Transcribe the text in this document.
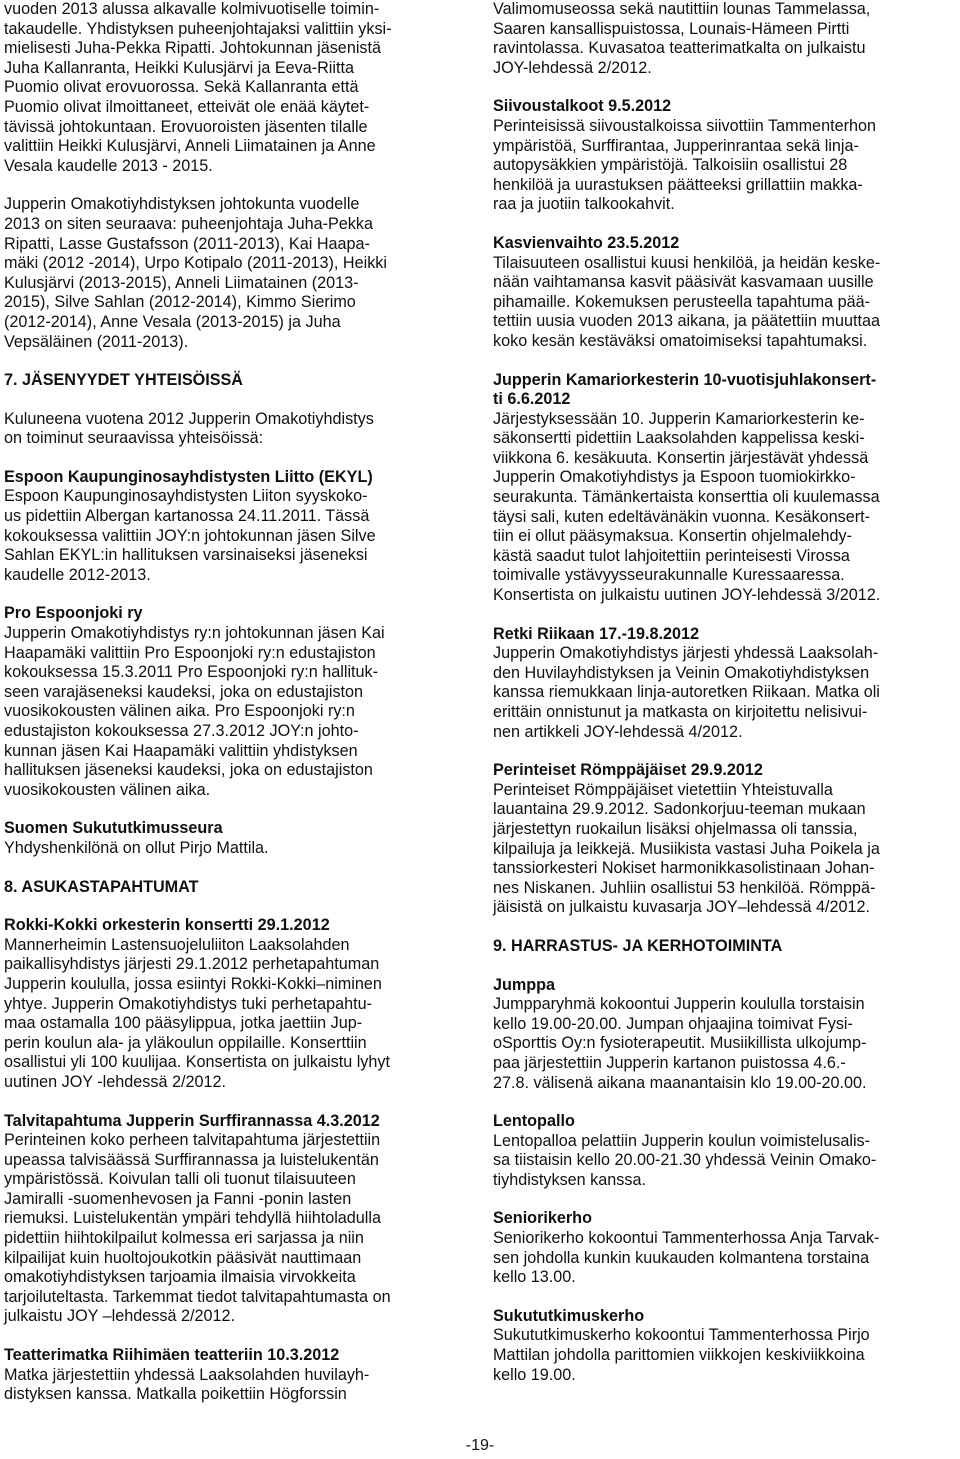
vuoden 2013 alussa alkavalle kolmivuotiselle toimin-
takaudelle. Yhdistyksen puheenjohtajaksi valittiin yksi-
mielisesti Juha-Pekka Ripatti. Johtokunnan jäsenistä
Juha Kallanranta, Heikki Kulusjärvi ja Eeva-Riitta
Puomio olivat erovuorossa. Sekä Kallanranta että
Puomio olivat ilmoittaneet, etteivät ole enää käytet-
tävissä johtokuntaan. Erovuoroisten jäsenten tilalle
valittiin Heikki Kulusjärvi, Anneli Liimatainen ja Anne
Vesala kaudelle 2013 - 2015.

Jupperin Omakotiyhdistyksen johtokunta vuodelle
2013 on siten seuraava: puheenjohtaja Juha-Pekka
Ripatti, Lasse Gustafsson (2011-2013), Kai Haapa-
mäki (2012 -2014), Urpo Kotipalo (2011-2013), Heikki
Kulusjärvi (2013-2015), Anneli Liimatainen (2013-
2015), Silve Sahlan (2012-2014), Kimmo Sierimo
(2012-2014), Anne Vesala (2013-2015) ja Juha
Vepsäläinen (2011-2013).

7. JÄSENYYDET YHTEISÖISSÄ

Kuluneena vuotena 2012 Jupperin Omakotiyhdistys
on toiminut seuraavissa yhteisöissä:

Espoon Kaupunginosayhdistysten Liitto (EKYL)

Espoon Kaupunginosayhdistysten Liiton syyskoko-
us pidettiin Albergan kartanossa 24.11.2011. Tässä
kokouksessa valittiin JOY:n johtokunnan jäsen Silve
Sahlan EKYL:in hallituksen varsinaiseksi jäseneksi
kaudelle 2012-2013.

Pro Espoonjoki ry

Jupperin Omakotiyhdistys ry:n johtokunnan jäsen Kai
Haapamäki valittiin Pro Espoonjoki ry:n edustajiston
kokouksessa 15.3.2011 Pro Espoonjoki ry:n hallituk-
seen varajäseneksi kaudeksi, joka on edustajiston
vuosikokousten välinen aika. Pro Espoonjoki ry:n
edustajiston kokouksessa 27.3.2012 JOY:n johto-
kunnan jäsen Kai Haapamäki valittiin yhdistyksen
hallituksen jäseneksi kaudeksi, joka on edustajiston
vuosikokousten välinen aika.

Suomen Sukututkimusseura

Yhdyshenkilönä on ollut Pirjo Mattila.

8. ASUKASTAPAHTUMAT

Rokki-Kokki orkesterin konsertti 29.1.2012

Mannerheimin Lastensuojeluliiton Laaksolahden
paikallisyhdistys järjesti 29.1.2012 perhetapahtuman
Jupperin koululla, jossa esiintyi Rokki-Kokki–niminen
yhtye. Jupperin Omakotiyhdistys tuki perhetapahtu-
maa ostamalla 100 pääsylippua, jotka jaettiin Jup-
perin koulun ala- ja yläkoulun oppilaille. Konserttiin
osallistui yli 100 kuulijaa. Konsertista on julkaistu lyhyt
uutinen JOY -lehdessä 2/2012.

Talvitapahtuma Jupperin Surffirannassa 4.3.2012

Perinteinen koko perheen talvitapahtuma järjestettiin
upeassa talvisäässä Surffirannassa ja luistelukentän
ympäristössä. Koivulan talli oli tuonut tilaisuuteen
Jamiralli -suomenhevosen ja Fanni -ponin lasten
riemuksi. Luistelukentän ympäri tehdyllä hiihtoladulla
pidettiin hiihtokilpailut kolmessa eri sarjassa ja niin
kilpailijat kuin huoltojoukotkin pääsivät nauttimaan
omakotiyhdistyksen tarjoamia ilmaisia virvokkeita
tarjoiluteltasta. Tarkemmat tiedot talvitapahtumasta on
julkaistu JOY –lehdessä 2/2012.

Teatterimatka Riihimäen teatteriin 10.3.2012

Matka järjestettiin yhdessä Laaksolahden huvilayh-
distyksen kanssa. Matkalla poikettiin Högforssin

Valimomuseossa sekä nautittiin lounas Tammelassa,
Saaren kansallispuistossa, Lounais-Hämeen Pirtti
ravintolassa. Kuvasatoa teatterimatkalta on julkaistu
JOY-lehdessä 2/2012.

Siivoustalkoot 9.5.2012

Perinteisissä siivoustalkoissa siivottiin Tammenterhon
ympäristöä, Surffirantaa, Jupperinrantaa sekä linja-
autopysäkkien ympäristöjä. Talkoisiin osallistui 28
henkilöä ja uurastuksen päätteeksi grillattiin makka-
raa ja juotiin talkookahvit.

Kasvienvaihto 23.5.2012

Tilaisuuteen osallistui kuusi henkilöä, ja heidän keske-
nään vaihtamansa kasvit pääsivät kasvamaan uusille
pihamaille. Kokemuksen perusteella tapahtuma pää-
tettiin uusia vuoden 2013 aikana, ja päätettiin muuttaa
koko kesän kestäväksi omatoimiseksi tapahtumaksi.

Jupperin Kamariorkesterin 10-vuotisjuhlakonsert-
ti 6.6.2012

Järjestyksessään 10. Jupperin Kamariorkesterin ke-
säkonsertti pidettiin Laaksolahden kappelissa keski-
viikkona 6. kesäkuuta. Konsertin järjestävät yhdessä
Jupperin Omakotiyhdistys ja Espoon tuomiokirkko-
seurakunta. Tämänkertaista konserttia oli kuulemassa
täysi sali, kuten edeltävänäkin vuonna. Kesäkonsert-
tiin ei ollut pääsymaksua. Konsertin ohjelmalehdy-
kästä saadut tulot lahjoitettiin perinteisesti Virossa
toimivalle ystävyysseurakunnalle Kuressaaressa.
Konsertista on julkaistu uutinen JOY-lehdessä 3/2012.

Retki Riikaan 17.-19.8.2012

Jupperin Omakotiyhdistys järjesti yhdessä Laaksolah-
den Huvilayhdistyksen ja Veinin Omakotiyhdistyksen
kanssa riemukkaan linja-autoretken Riikaan. Matka oli
erittäin onnistunut ja matkasta on kirjoitettu nelisivui-
nen artikkeli JOY-lehdessä 4/2012.

Perinteiset Römppäjäiset 29.9.2012

Perinteiset Römppäjäiset vietettiin Yhteistuvalla
lauantaina 29.9.2012. Sadonkorjuu-teeman mukaan
järjestettyn ruokailun lisäksi ohjelmassa oli tanssia,
kilpailuja ja leikkejä. Musiikista vastasi Juha Poikela ja
tanssiorkesteri Nokiset harmonikkasolistinaan Johan-
nes Niskanen. Juhliin osallistui 53 henkilöä. Römppä-
jäisistä on julkaistu kuvasarja JOY–lehdessä 4/2012.

9. HARRASTUS- JA KERHOTOIMINTA

Jumppa

Jumpparyhmä kokoontui Jupperin koululla torstaisin
kello 19.00-20.00. Jumpan ohjaajina toimivat Fysi-
oSporttis Oy:n fysioterapeutit. Musiikillista ulkojump-
paa järjestettiin Jupperin kartanon puistossa 4.6.-
27.8. välisenä aikana maanantaisin klo 19.00-20.00.

Lentopallo

Lentopalloa pelattiin Jupperin koulun voimistelusalis-
sa tiistaisin kello 20.00-21.30 yhdessä Veinin Omako-
tiyhdistyksen kanssa.

Seniorikerho

Seniorikerho kokoontui Tammenterhossa Anja Tarvak-
sen johdolla kunkin kuukauden kolmantena torstaina
kello 13.00.

Sukututkimuskerho

Sukututkimuskerho kokoontui Tammenterhossa Pirjo
Mattilan johdolla parittomien viikkojen keskiviikkoina
kello 19.00.

-19-
